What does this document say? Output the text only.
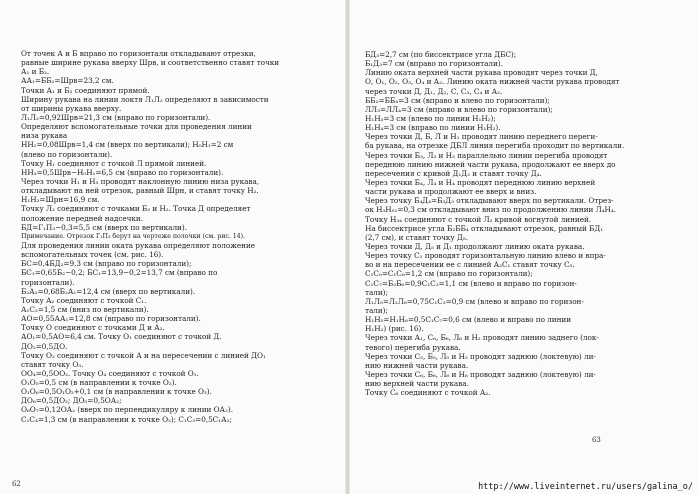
От точек А и Б вправо по горизонтали откладывают отрезки,
равные ширине рукава вверху Шрв, и соответственно ставят точки
А₁ и Б₂.
АА₁=ББ₂=Шрв=23,2 см.
Точки А₁ и Б₂ соединяют прямой.
Ширину рукава на линии локтя Л₁Л₂ определяют в зависимости
от ширины рукава вверху.
Л₁Л₂=0,92Шрв=21,3 см (вправо по горизонтали).
Определяют вспомогательные точки для проведения линии
низа рукава
НН₁=0,08Шрв=1,4 см (вверх по вертикали); Н₀Н₁=2 см
(влево по горизонтали).
Точку Н₁ соединяют с точкой Л прямой линией.
НН₃=0,5Шрв−Н₀Н₁=6,5 см (вправо по горизонтали).
Через точки Н₁ и Н₃ проводят наклонную линию низа рукава,
откладывают на ней отрезок, равный Шрн, и ставят точку Н₂.
Н₁Н₂=Шрн=16,9 см.
Точку Л₂ соединяют с точками Б₂ и Н₂. Точка Д определяет
положение передней надсечки.
БД=Г₁П₃−0,3=5,5 см (вверх по вертикали).
Примечание. Отрезок Г₁П₃ берут на чертеже полочки (см. рис. 14).
Для проведения линии оката рукава определяют положение
вспомогательных точек (см. рис. 16).
БС=0,4БД₂=9,3 см (вправо по горизонтали);
БС₁=0,65Б₂−0,2; БС₁=13,9−0,2=13,7 см (вправо по
горизонтали).
Б₂А₂=0,68Б₂А₁=12,4 см (вверх по вертикали).
Точку А₂ соединяют с точкой С₁.
А₁С₂=1,5 см (вниз по вертикали).
АО=0,55АА₁=12,8 см (вправо по горизонтали).
Точку О соединяют с точками Д и А₂.
АО₁=0,5АО=6,4 см. Точку О₁ соединяют с точкой Д.
ДО₂=0,5ДО.
Точку О₂ соединяют с точкой А и на пересечении с линией ДО₁
ставят точку О₃.
ОО₄=0,5ОО₂. Точку О₄ соединяют с точкой О₁.
О₁О₅=0,5 см (в направлении к точке О₂).
О₁О₆=0,5О₁О₂+0,1 см (в направлении к точке О₃).
ДО₆=0,5ДО₂; ДО₅=0,5ОА₂;
О₆О₇=0,12ОА₂ (вверх по перпендикуляру к линии ОА₂).
С₁С₄=1,3 см (в направлении к точке О₂); С₁С₃=0,5С₁А₂;
62
БД₃=2,7 см (по биссектрисе угла ДБС);
Б₁Д₃=7 см (вправо по горизонтали).
Линию оката верхней части рукава проводят через точки Д,
О, О₁, О₂, О₃, О₄ и А₂. Линию оката нижней части рукава проводят
через точки Д, Д₁, Д₂, С, С₃, С₄ и А₂.
ББ₂=ББ₄=3 см (вправо и влево по горизонтали);
ЛЛ₃=ЛЛ₄=3 см (вправо и влево по горизонтали);
Н₁Н₃=3 см (влево по линии Н₁Н₂);
Н₁Н₄=3 см (вправо по линии Н₁Н₂).
Через точки Д, Б, Л и Н₁ проводят линию переднего переги-
ба рукава, на отрезке ДБЛ линия перегиба проходит по вертикали.
Через точки Б₃, Л₃ и Н₃ параллельно линии перегиба проводят
переднюю линию нижней части рукава, продолжают ее вверх до
пересечения с кривой Д₁Д₂ и ставят точку Д₄.
Через точки Б₄, Л₄ и Н₄ проводят переднюю линию верхней
части рукава и продолжают ее вверх и вниз.
Через точку Б₄Д₄=Б₃Д₃ откладывают вверх по вертикали. Отрез-
ок Н₃Н₅₁=0,3 см откладывают вниз по продолжению линии Л₄Н₄.
Точку Н₃₄ соединяют с точкой Л₃ кривой вогнутой линией.
На биссектрисе угла Б₂ББ₄ откладывают отрезок, равный БД₁
(2,7 см), и ставят точку Д₅.
Через точки Д, Д₅ и Д₁ продолжают линию оката рукава.
Через точку С₁ проводят горизонтальную линию влево и впра-
во и на пересечении ее с линией А₂С₁ ставят точку С₅.
С₁С₅=С₁С₆=1,2 см (вправо по горизонтали);
С₁С₇=Б₂Б₆=0,9С₁С₃=1,1 см (влево и вправо по горизон-
тали);
Л₁Л₅=Л₂Л₆=0,75С₁С₃=0,9 см (влево и вправо по горизон-
тали);
Н₁Н₅=Н₁Н₆=0,5С₁С₇=0,6 см (влево и вправо по линии
Н₁Н₂) (рис. 16).
Через точки А₁, С₆, Б₆, Л₆ и Н₂ проводят линию заднего (лок-
тевого) перегиба рукава.
Через точки С₅, Б₅, Л₅ и Н₅ проводят заднюю (локтевую) ли-
нию нижней части рукава.
Через точки С₆, Б₆, Л₆ и Н₆ проводят заднюю (локтевую) ли-
нию верхней части рукава.
Точку С₆ соединяют с точкой А₂.
63
http://www.liveinternet.ru/users/galina_o/
